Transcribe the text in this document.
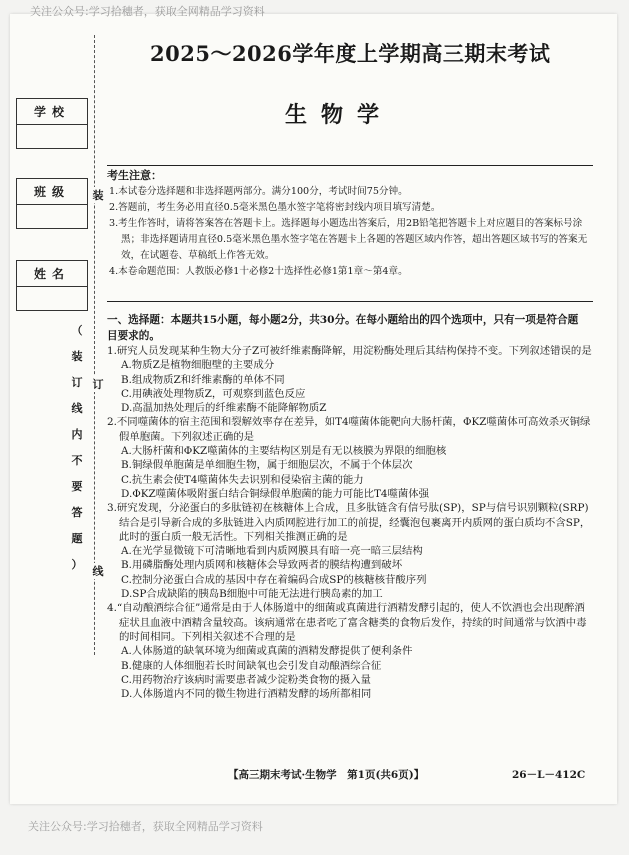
关注公众号:学习拾穗者，获取全网精品学习资料
2025～2026学年度上学期高三期末考试
生物学
学校
班级
姓名
装
订
线
（
装
订
线
内
不
要
答
题
）
考生注意：
1.本试卷分选择题和非选择题两部分。满分100分，考试时间75分钟。
2.答题前，考生务必用直径0.5毫米黑色墨水签字笔将密封线内项目填写清楚。
3.考生作答时，请将答案答在答题卡上。选择题每小题选出答案后，用2B铅笔把答题卡上对应题目的答案标号涂黑；非选择题请用直径0.5毫米黑色墨水签字笔在答题卡上各题的答题区域内作答，超出答题区域书写的答案无效，在试题卷、草稿纸上作答无效。
4.本卷命题范围：人教版必修1十必修2十选择性必修1第1章～第4章。
一、选择题：本题共15小题，每小题2分，共30分。在每小题给出的四个选项中，只有一项是符合题目要求的。
1.研究人员发现某种生物大分子Z可被纤维素酶降解，用淀粉酶处理后其结构保持不变。下列叙述错误的是
A.物质Z是植物细胞壁的主要成分
B.组成物质Z和纤维素酶的单体不同
C.用碘液处理物质Z，可观察到蓝色反应
D.高温加热处理后的纤维素酶不能降解物质Z
2.不同噬菌体的宿主范围和裂解效率存在差异，如T4噬菌体能靶向大肠杆菌，ΦKZ噬菌体可高效杀灭铜绿假单胞菌。下列叙述正确的是
A.大肠杆菌和ΦKZ噬菌体的主要结构区别是有无以核膜为界限的细胞核
B.铜绿假单胞菌是单细胞生物，属于细胞层次，不属于个体层次
C.抗生素会使T4噬菌体失去识别和侵染宿主菌的能力
D.ΦKZ噬菌体吸附蛋白结合铜绿假单胞菌的能力可能比T4噬菌体强
3.研究发现，分泌蛋白的多肽链初在核糖体上合成，且多肽链含有信号肽(SP)，SP与信号识别颗粒(SRP)结合是引导新合成的多肽链进入内质网腔进行加工的前提，经囊泡包裹离开内质网的蛋白质均不含SP，此时的蛋白质一般无活性。下列相关推测正确的是
A.在光学显微镜下可清晰地看到内质网膜具有暗一亮一暗三层结构
B.用磷脂酶处理内质网和核糖体会导致两者的膜结构遭到破坏
C.控制分泌蛋白合成的基因中存在着编码合成SP的核糖核苷酸序列
D.SP合成缺陷的胰岛B细胞中可能无法进行胰岛素的加工
4.“自动酿酒综合征”通常是由于人体肠道中的细菌或真菌进行酒精发酵引起的，使人不饮酒也会出现醉酒症状且血液中酒精含量较高。该病通常在患者吃了富含糖类的食物后发作，持续的时间通常与饮酒中毒的时间相同。下列相关叙述不合理的是
A.人体肠道的缺氧环境为细菌或真菌的酒精发酵提供了便利条件
B.健康的人体细胞若长时间缺氧也会引发自动酿酒综合征
C.用药物治疗该病时需要患者减少淀粉类食物的摄入量
D.人体肠道内不同的微生物进行酒精发酵的场所都相同
【高三期末考试·生物学　第1页(共6页)】	26－L－412C
关注公众号:学习拾穗者，获取全网精品学习资料
